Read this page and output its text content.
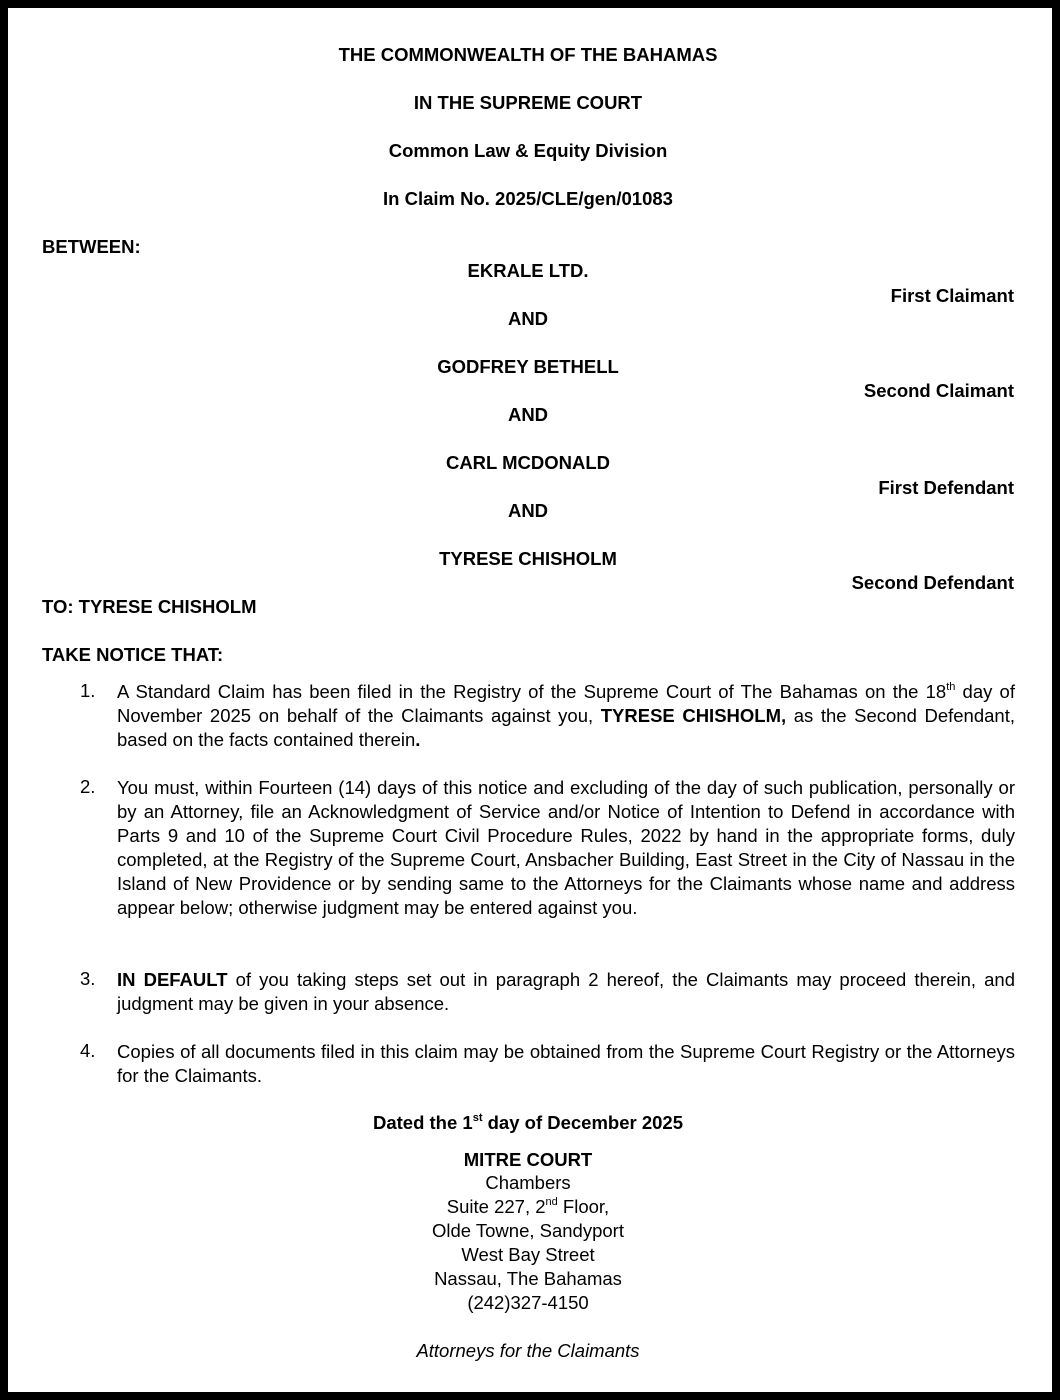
THE COMMONWEALTH OF THE BAHAMAS
IN THE SUPREME COURT
Common Law & Equity Division
In Claim No. 2025/CLE/gen/01083
BETWEEN:
EKRALE LTD.
First Claimant
AND
GODFREY BETHELL
Second Claimant
AND
CARL MCDONALD
First Defendant
AND
TYRESE CHISHOLM
Second Defendant
TO: TYRESE CHISHOLM
TAKE NOTICE THAT:
1. A Standard Claim has been filed in the Registry of the Supreme Court of The Bahamas on the 18th day of November 2025 on behalf of the Claimants against you, TYRESE CHISHOLM, as the Second Defendant, based on the facts contained therein.
2. You must, within Fourteen (14) days of this notice and excluding of the day of such publication, personally or by an Attorney, file an Acknowledgment of Service and/or Notice of Intention to Defend in accordance with Parts 9 and 10 of the Supreme Court Civil Procedure Rules, 2022 by hand in the appropriate forms, duly completed, at the Registry of the Supreme Court, Ansbacher Building, East Street in the City of Nassau in the Island of New Providence or by sending same to the Attorneys for the Claimants whose name and address appear below; otherwise judgment may be entered against you.
3. IN DEFAULT of you taking steps set out in paragraph 2 hereof, the Claimants may proceed therein, and judgment may be given in your absence.
4. Copies of all documents filed in this claim may be obtained from the Supreme Court Registry or the Attorneys for the Claimants.
Dated the 1st day of December 2025
MITRE COURT
Chambers
Suite 227, 2nd Floor,
Olde Towne, Sandyport
West Bay Street
Nassau, The Bahamas
(242)327-4150
Attorneys for the Claimants
